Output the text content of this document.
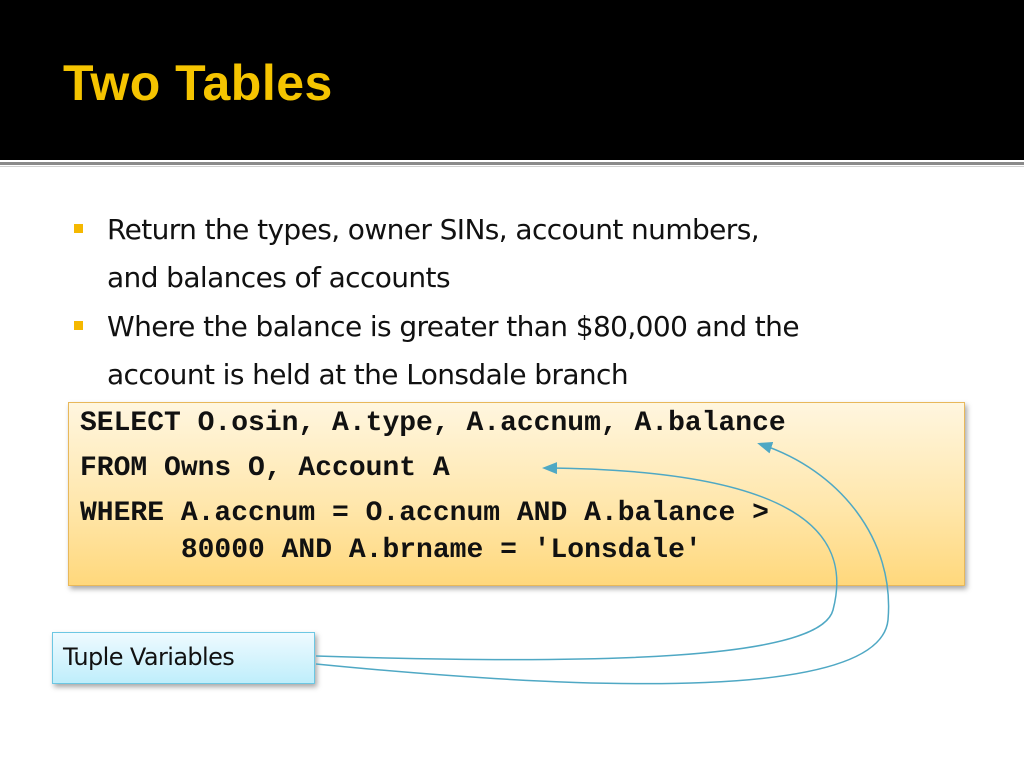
Two Tables
Return the types, owner SINs, account numbers,
and balances of accounts
Where the balance is greater than $80,000 and the
account is held at the Lonsdale branch
SELECT O.osin, A.type, A.accnum, A.balance
FROM Owns O, Account A
WHERE A.accnum = O.accnum AND A.balance >
80000 AND A.brname = 'Lonsdale'
Tuple Variables
